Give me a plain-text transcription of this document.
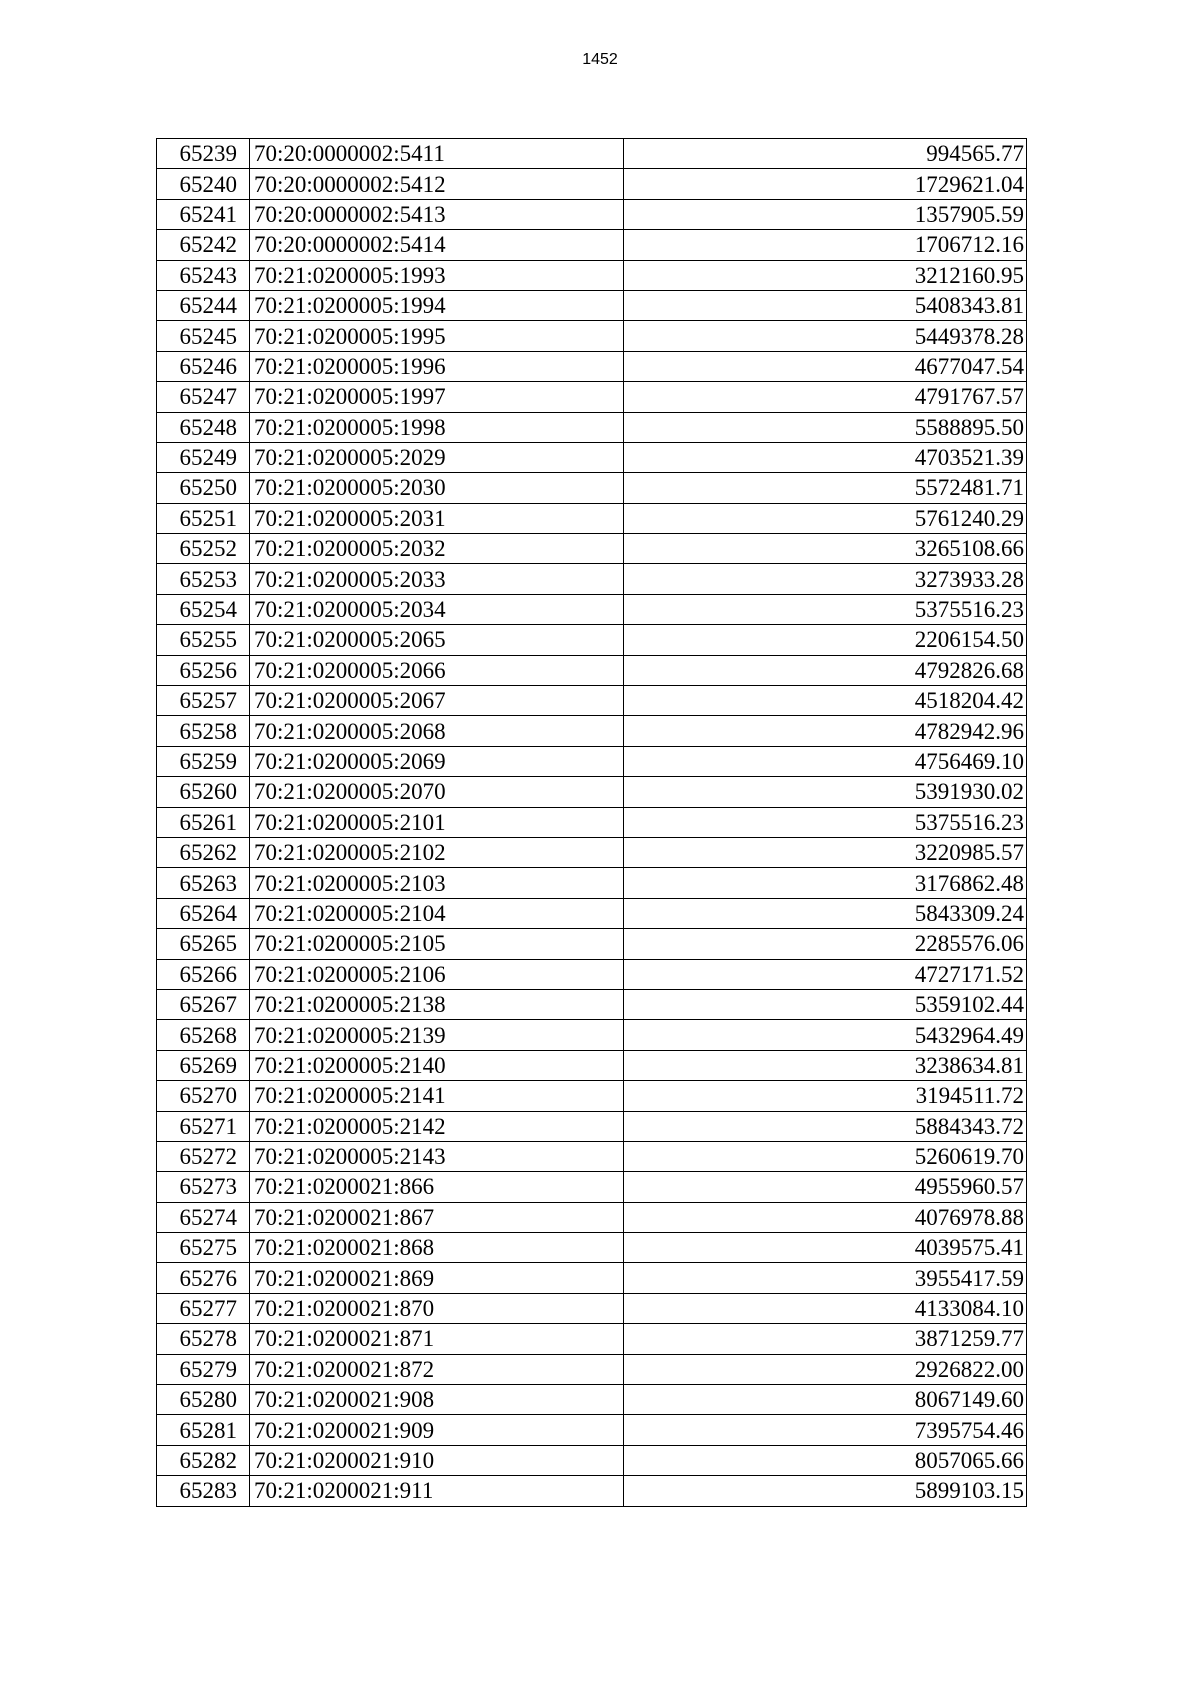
1452
65239	70:20:0000002:5411	994565.77
65240	70:20:0000002:5412	1729621.04
65241	70:20:0000002:5413	1357905.59
65242	70:20:0000002:5414	1706712.16
65243	70:21:0200005:1993	3212160.95
65244	70:21:0200005:1994	5408343.81
65245	70:21:0200005:1995	5449378.28
65246	70:21:0200005:1996	4677047.54
65247	70:21:0200005:1997	4791767.57
65248	70:21:0200005:1998	5588895.50
65249	70:21:0200005:2029	4703521.39
65250	70:21:0200005:2030	5572481.71
65251	70:21:0200005:2031	5761240.29
65252	70:21:0200005:2032	3265108.66
65253	70:21:0200005:2033	3273933.28
65254	70:21:0200005:2034	5375516.23
65255	70:21:0200005:2065	2206154.50
65256	70:21:0200005:2066	4792826.68
65257	70:21:0200005:2067	4518204.42
65258	70:21:0200005:2068	4782942.96
65259	70:21:0200005:2069	4756469.10
65260	70:21:0200005:2070	5391930.02
65261	70:21:0200005:2101	5375516.23
65262	70:21:0200005:2102	3220985.57
65263	70:21:0200005:2103	3176862.48
65264	70:21:0200005:2104	5843309.24
65265	70:21:0200005:2105	2285576.06
65266	70:21:0200005:2106	4727171.52
65267	70:21:0200005:2138	5359102.44
65268	70:21:0200005:2139	5432964.49
65269	70:21:0200005:2140	3238634.81
65270	70:21:0200005:2141	3194511.72
65271	70:21:0200005:2142	5884343.72
65272	70:21:0200005:2143	5260619.70
65273	70:21:0200021:866	4955960.57
65274	70:21:0200021:867	4076978.88
65275	70:21:0200021:868	4039575.41
65276	70:21:0200021:869	3955417.59
65277	70:21:0200021:870	4133084.10
65278	70:21:0200021:871	3871259.77
65279	70:21:0200021:872	2926822.00
65280	70:21:0200021:908	8067149.60
65281	70:21:0200021:909	7395754.46
65282	70:21:0200021:910	8057065.66
65283	70:21:0200021:911	5899103.15
